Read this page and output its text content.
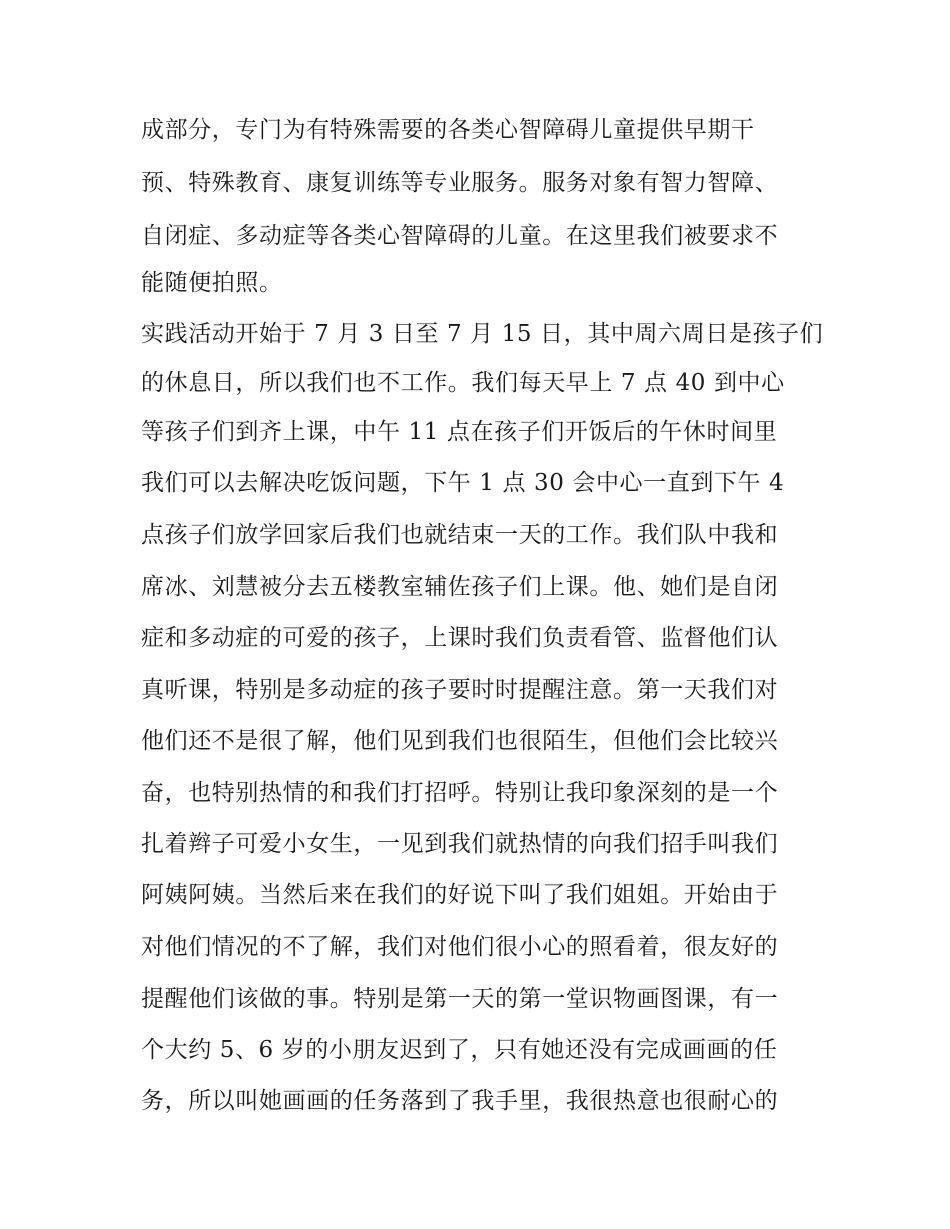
成部分，专门为有特殊需要的各类心智障碍儿童提供早期干
预、特殊教育、康复训练等专业服务。服务对象有智力智障、
自闭症、多动症等各类心智障碍的儿童。在这里我们被要求不
能随便拍照。
实践活动开始于 7 月 3 日至 7 月 15 日，其中周六周日是孩子们
的休息日，所以我们也不工作。我们每天早上 7 点 40 到中心
等孩子们到齐上课，中午 11 点在孩子们开饭后的午休时间里
我们可以去解决吃饭问题，下午 1 点 30 会中心一直到下午 4
点孩子们放学回家后我们也就结束一天的工作。我们队中我和
席冰、刘慧被分去五楼教室辅佐孩子们上课。他、她们是自闭
症和多动症的可爱的孩子，上课时我们负责看管、监督他们认
真听课，特别是多动症的孩子要时时提醒注意。第一天我们对
他们还不是很了解，他们见到我们也很陌生，但他们会比较兴
奋，也特别热情的和我们打招呼。特别让我印象深刻的是一个
扎着辫子可爱小女生，一见到我们就热情的向我们招手叫我们
阿姨阿姨。当然后来在我们的好说下叫了我们姐姐。开始由于
对他们情况的不了解，我们对他们很小心的照看着，很友好的
提醒他们该做的事。特别是第一天的第一堂识物画图课，有一
个大约 5、6 岁的小朋友迟到了，只有她还没有完成画画的任
务，所以叫她画画的任务落到了我手里，我很热意也很耐心的
